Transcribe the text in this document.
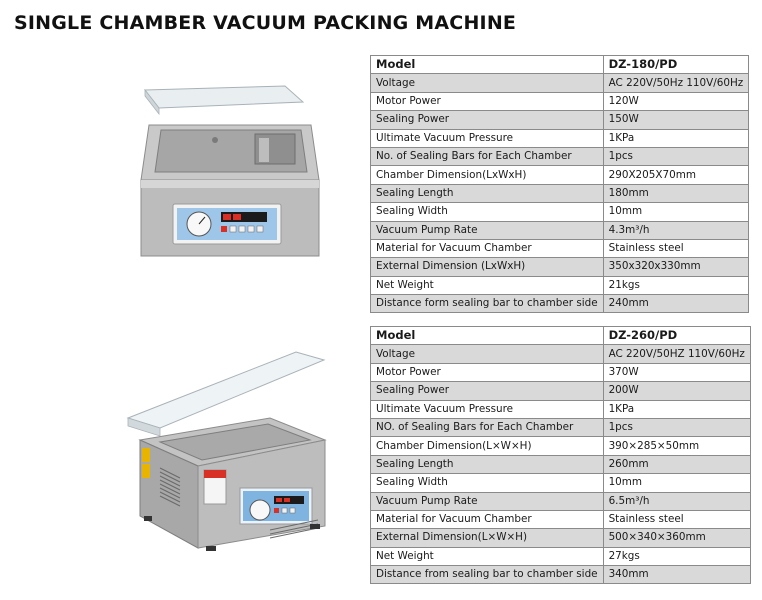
SINGLE CHAMBER VACUUM PACKING MACHINE
Model	DZ-180/PD
Voltage	AC 220V/50Hz 110V/60Hz
Motor Power	120W
Sealing Power	150W
Ultimate Vacuum Pressure	1KPa
No. of Sealing Bars for Each Chamber	1pcs
Chamber Dimension(LxWxH)	290X205X70mm
Sealing Length	180mm
Sealing Width	10mm
Vacuum Pump Rate	4.3m³/h
Material for Vacuum Chamber	Stainless steel
External Dimension (LxWxH)	350x320x330mm
Net Weight	21kgs
Distance form sealing bar to chamber side	240mm
Model	DZ-260/PD
Voltage	AC 220V/50HZ 110V/60Hz
Motor Power	370W
Sealing Power	200W
Ultimate Vacuum Pressure	1KPa
NO. of Sealing Bars for Each Chamber	1pcs
Chamber Dimension(L×W×H)	390×285×50mm
Sealing Length	260mm
Sealing Width	10mm
Vacuum Pump Rate	6.5m³/h
Material for Vacuum Chamber	Stainless steel
External Dimension(L×W×H)	500×340×360mm
Net Weight	27kgs
Distance from sealing bar to chamber side	340mm
